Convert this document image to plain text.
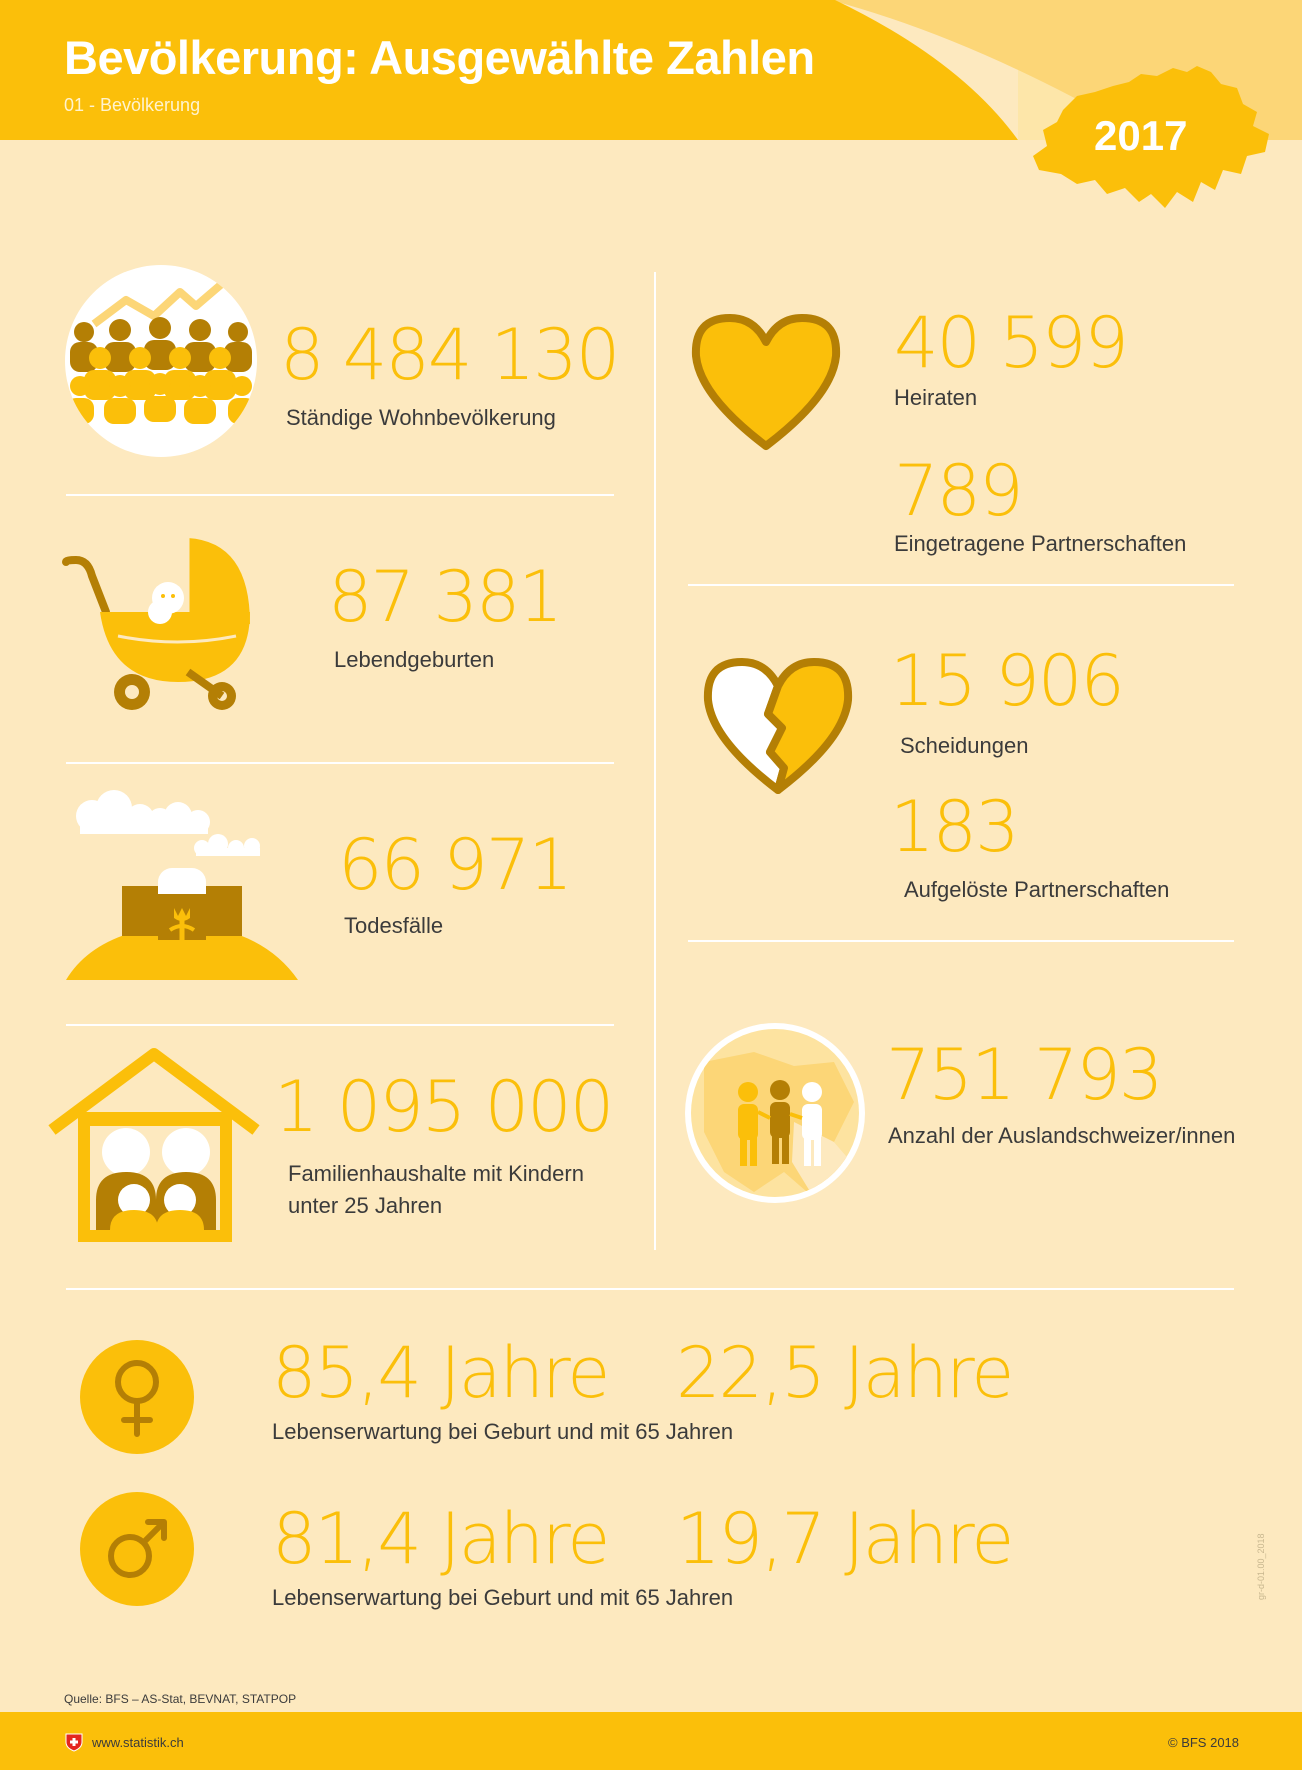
Bevölkerung: Ausgewählte Zahlen
01 - Bevölkerung
2017
8 484 130
Ständige Wohnbevölkerung
87 381
Lebendgeburten
66 971
Todesfälle
1 095 000
Familienhaushalte mit Kindern
unter 25 Jahren
40 599
Heiraten
789
Eingetragene Partnerschaften
15 906
Scheidungen
183
Aufgelöste Partnerschaften
751 793
Anzahl der Auslandschweizer/innen
85,4 Jahre 22,5 Jahre
Lebenserwartung bei Geburt und mit 65 Jahren
81,4 Jahre 19,7 Jahre
Lebenserwartung bei Geburt und mit 65 Jahren	gr-d-01.00_2018
Quelle: BFS – AS-Stat, BEVNAT, STATPOP
www.statistik.ch	© BFS 2018
